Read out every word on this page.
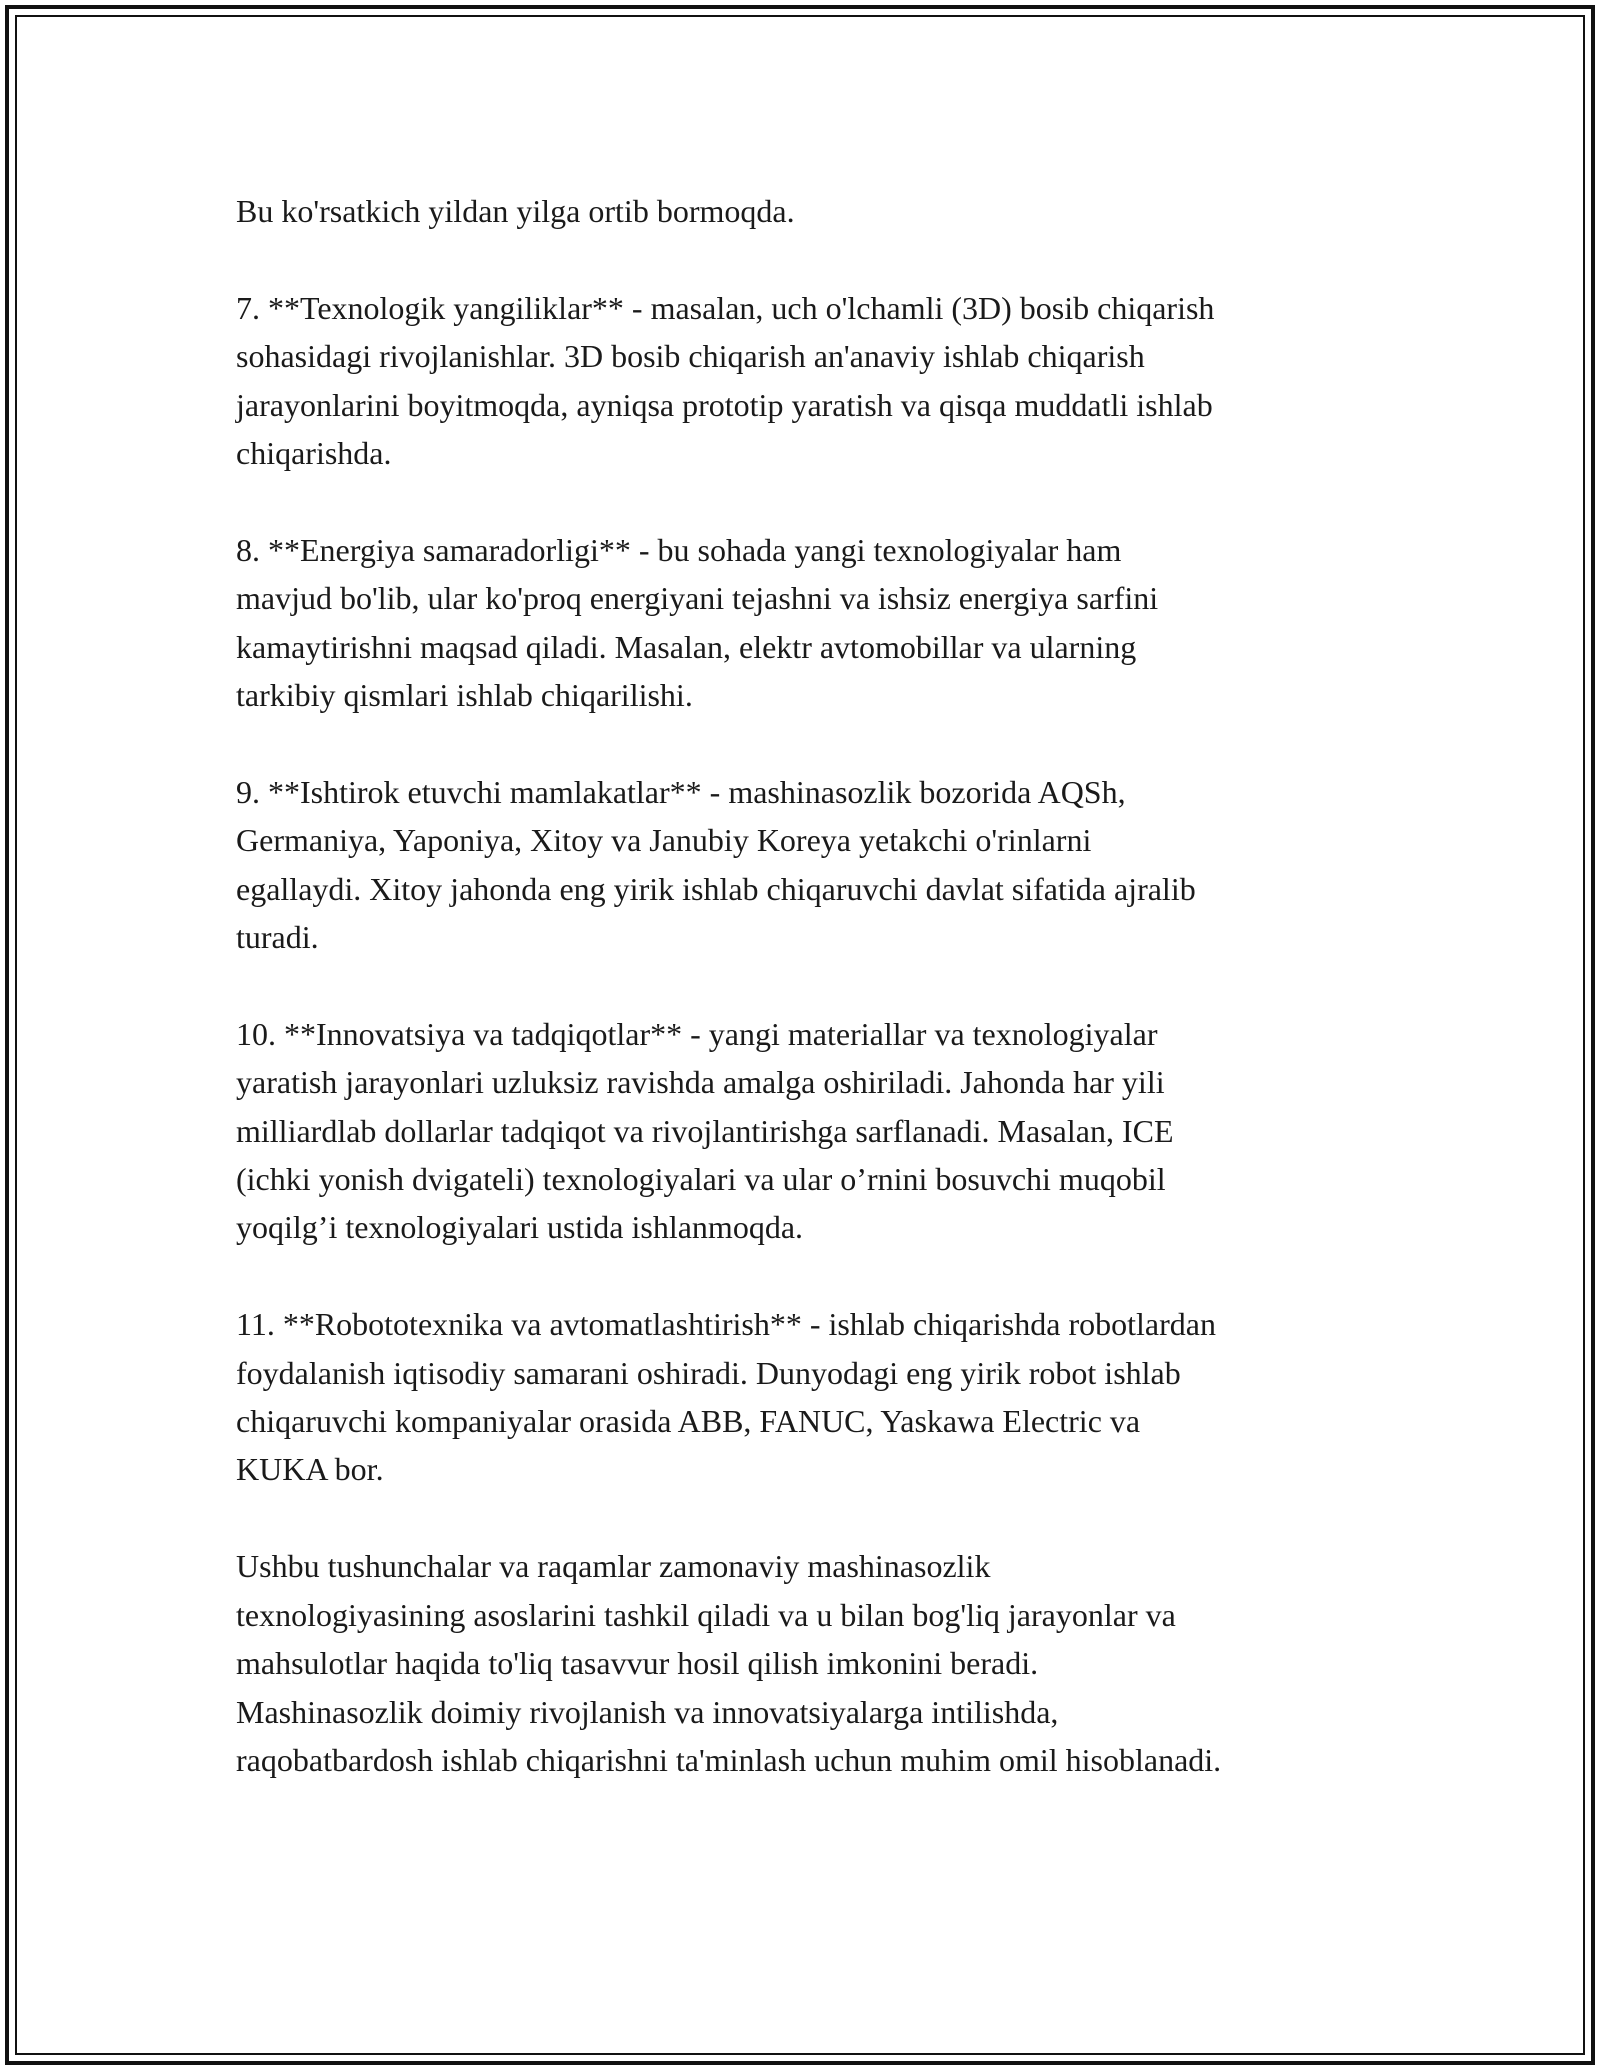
Bu ko'rsatkich yildan yilga ortib bormoqda.

7. **Texnologik yangiliklar** - masalan, uch o'lchamli (3D) bosib chiqarish
sohasidagi rivojlanishlar. 3D bosib chiqarish an'anaviy ishlab chiqarish
jarayonlarini boyitmoqda, ayniqsa prototip yaratish va qisqa muddatli ishlab
chiqarishda.

8. **Energiya samaradorligi** - bu sohada yangi texnologiyalar ham
mavjud bo'lib, ular ko'proq energiyani tejashni va ishsiz energiya sarfini
kamaytirishni maqsad qiladi. Masalan, elektr avtomobillar va ularning
tarkibiy qismlari ishlab chiqarilishi.

9. **Ishtirok etuvchi mamlakatlar** - mashinasozlik bozorida AQSh,
Germaniya, Yaponiya, Xitoy va Janubiy Koreya yetakchi o'rinlarni
egallaydi. Xitoy jahonda eng yirik ishlab chiqaruvchi davlat sifatida ajralib
turadi.

10. **Innovatsiya va tadqiqotlar** - yangi materiallar va texnologiyalar
yaratish jarayonlari uzluksiz ravishda amalga oshiriladi. Jahonda har yili
milliardlab dollarlar tadqiqot va rivojlantirishga sarflanadi. Masalan, ICE
(ichki yonish dvigateli) texnologiyalari va ular o’rnini bosuvchi muqobil
yoqilg’i texnologiyalari ustida ishlanmoqda.

11. **Robototexnika va avtomatlashtirish** - ishlab chiqarishda robotlardan
foydalanish iqtisodiy samarani oshiradi. Dunyodagi eng yirik robot ishlab
chiqaruvchi kompaniyalar orasida ABB, FANUC, Yaskawa Electric va
KUKA bor.

Ushbu tushunchalar va raqamlar zamonaviy mashinasozlik
texnologiyasining asoslarini tashkil qiladi va u bilan bog'liq jarayonlar va
mahsulotlar haqida to'liq tasavvur hosil qilish imkonini beradi.
Mashinasozlik doimiy rivojlanish va innovatsiyalarga intilishda,
raqobatbardosh ishlab chiqarishni ta'minlash uchun muhim omil hisoblanadi.
